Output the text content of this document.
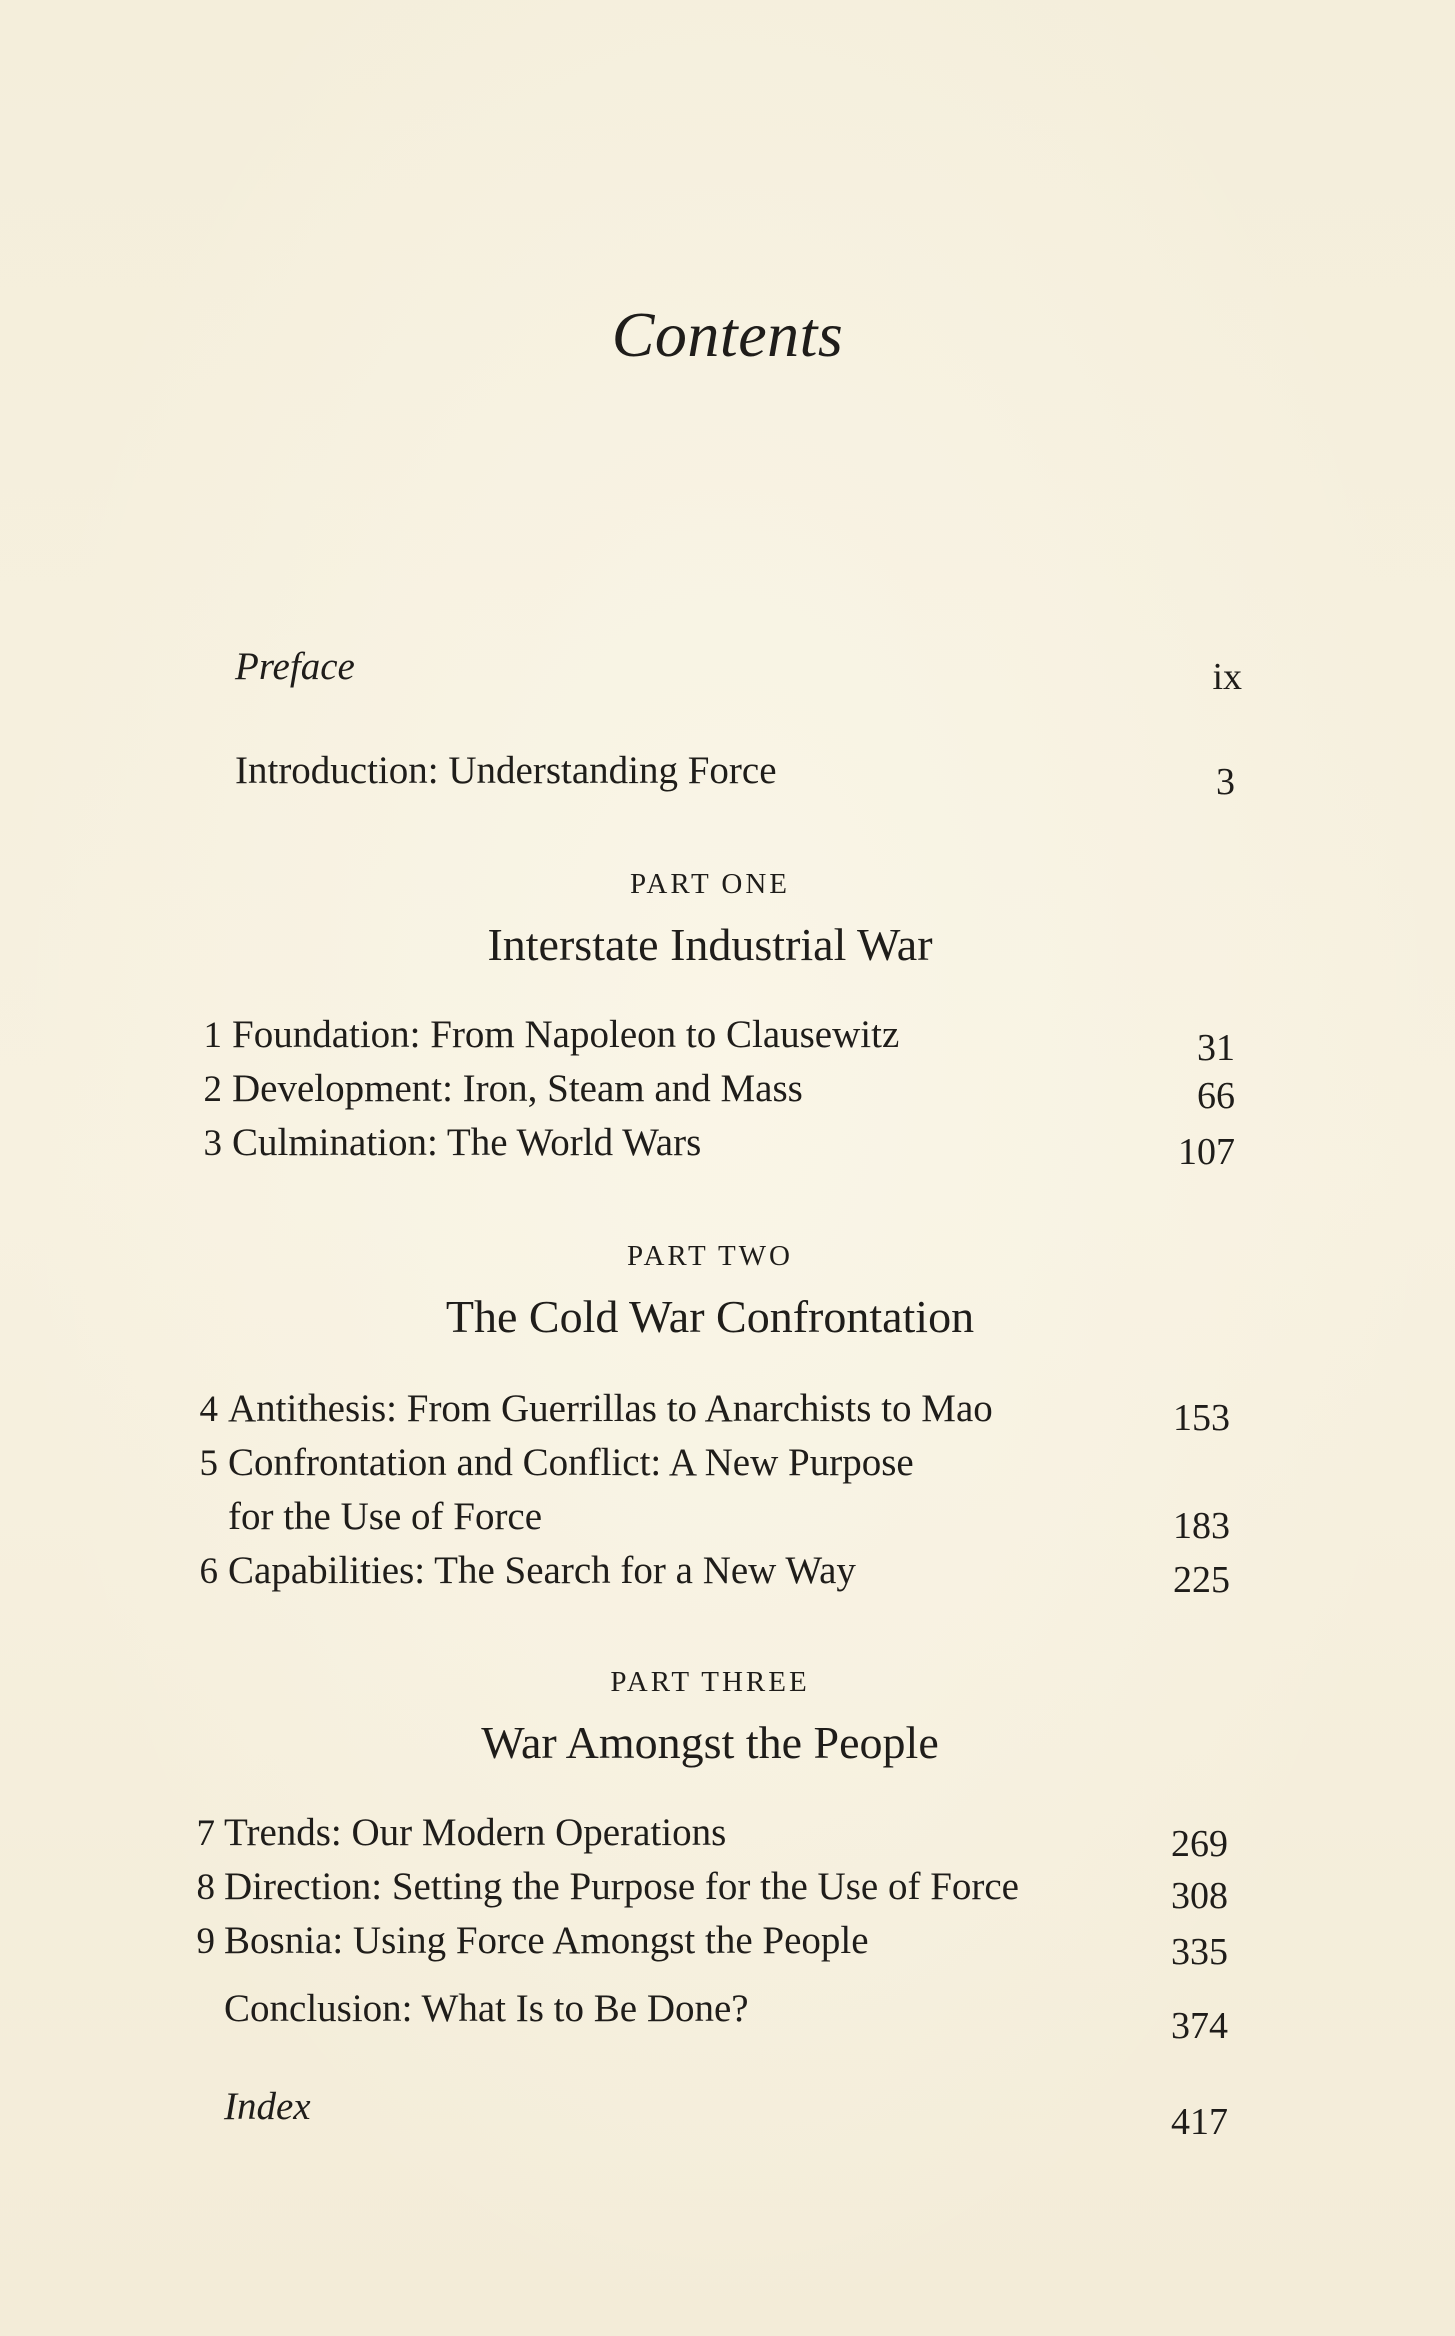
Contents
Preface	ix
Introduction: Understanding Force	3
PART ONE
Interstate Industrial War
1 Foundation: From Napoleon to Clausewitz	31
2 Development: Iron, Steam and Mass	66
3 Culmination: The World Wars	107
PART TWO
The Cold War Confrontation
4 Antithesis: From Guerrillas to Anarchists to Mao	153
5 Confrontation and Conflict: A New Purpose
for the Use of Force	183
6 Capabilities: The Search for a New Way	225
PART THREE
War Amongst the People
7 Trends: Our Modern Operations	269
8 Direction: Setting the Purpose for the Use of Force	308
9 Bosnia: Using Force Amongst the People	335
Conclusion: What Is to Be Done?	374
Index	417
